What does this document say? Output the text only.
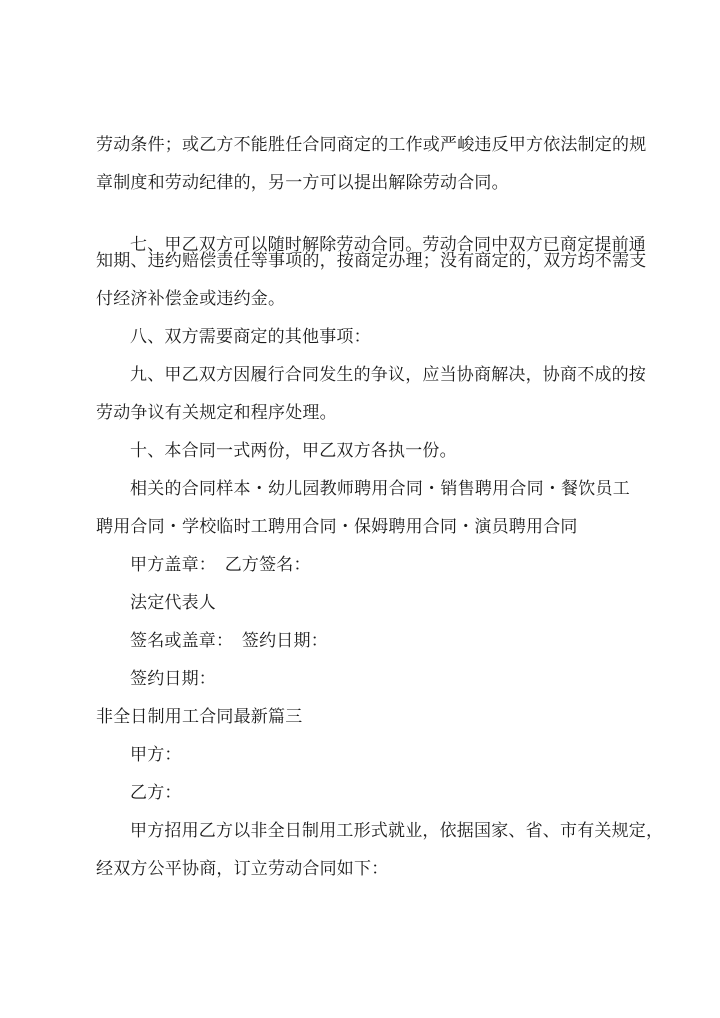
劳动条件；或乙方不能胜任合同商定的工作或严峻违反甲方依法制定的规
章制度和劳动纪律的，另一方可以提出解除劳动合同。
七、甲乙双方可以随时解除劳动合同。劳动合同中双方已商定提前通
知期、违约赔偿责任等事项的，按商定办理；没有商定的，双方均不需支
付经济补偿金或违约金。
八、双方需要商定的其他事项：
九、甲乙双方因履行合同发生的争议，应当协商解决，协商不成的按
劳动争议有关规定和程序处理。
十、本合同一式两份，甲乙双方各执一份。
相关的合同样本・幼儿园教师聘用合同・销售聘用合同・餐饮员工
聘用合同・学校临时工聘用合同・保姆聘用合同・演员聘用合同
甲方盖章：　乙方签名：
法定代表人
签名或盖章：　签约日期：
签约日期：
非全日制用工合同最新篇三
甲方：
乙方：
甲方招用乙方以非全日制用工形式就业，依据国家、省、市有关规定，
经双方公平协商，订立劳动合同如下：
